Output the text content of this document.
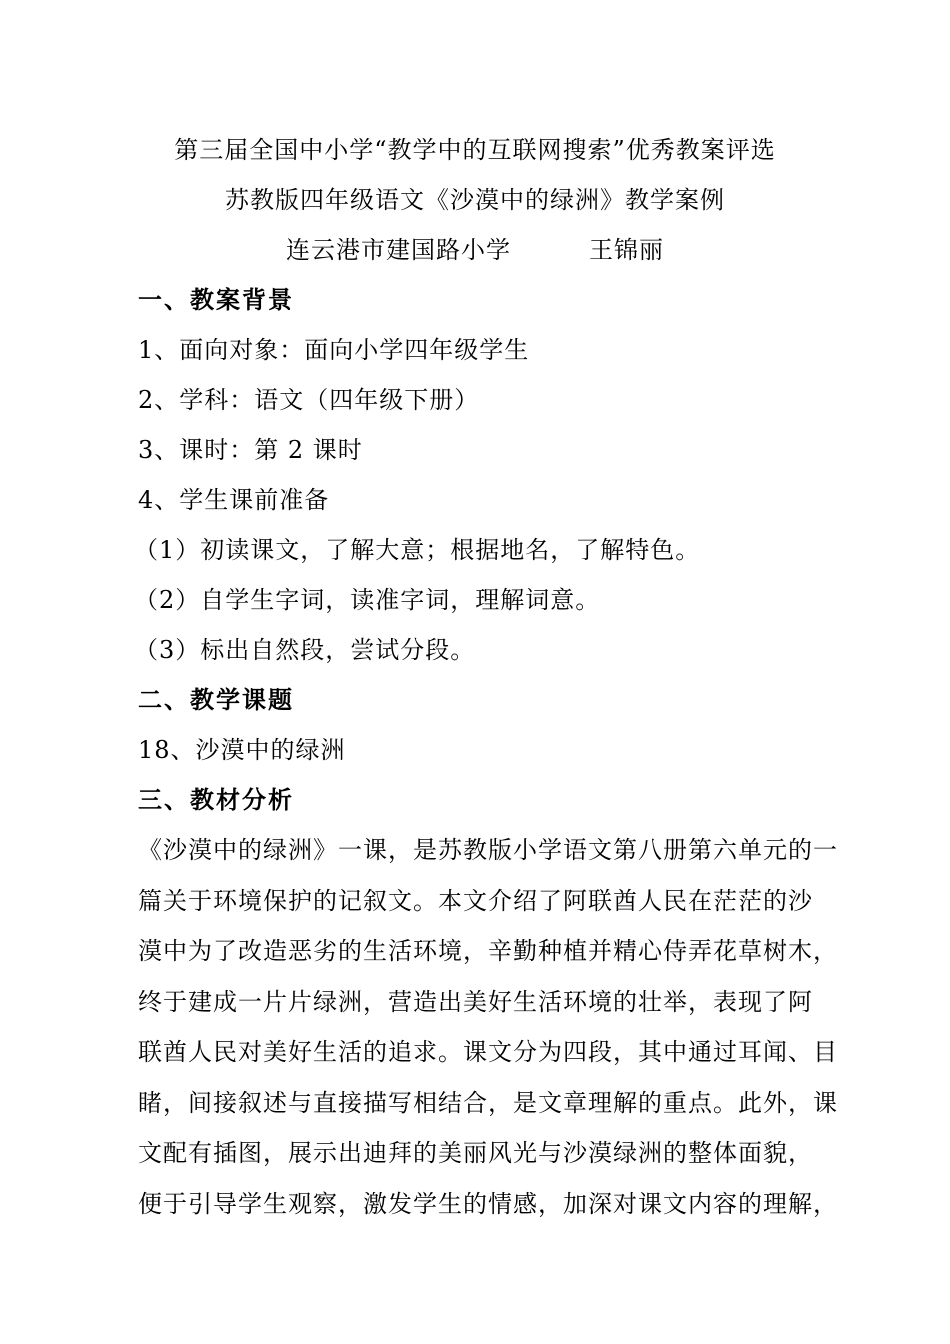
第三届全国中小学“教学中的互联网搜索”优秀教案评选
苏教版四年级语文《沙漠中的绿洲》教学案例
连云港市建国路小学	王锦丽
一、教案背景
1、面向对象：面向小学四年级学生
2、学科：语文（四年级下册）
3、课时：第 2 课时
4、学生课前准备
（1）初读课文，了解大意；根据地名，了解特色。
（2）自学生字词，读准字词，理解词意。
（3）标出自然段，尝试分段。
二、教学课题
18、沙漠中的绿洲
三、教材分析
《沙漠中的绿洲》一课，是苏教版小学语文第八册第六单元的一
篇关于环境保护的记叙文。本文介绍了阿联酋人民在茫茫的沙
漠中为了改造恶劣的生活环境，辛勤种植并精心侍弄花草树木，
终于建成一片片绿洲，营造出美好生活环境的壮举，表现了阿
联酋人民对美好生活的追求。课文分为四段，其中通过耳闻、目
睹，间接叙述与直接描写相结合，是文章理解的重点。此外，课
文配有插图，展示出迪拜的美丽风光与沙漠绿洲的整体面貌，
便于引导学生观察，激发学生的情感，加深对课文内容的理解，
